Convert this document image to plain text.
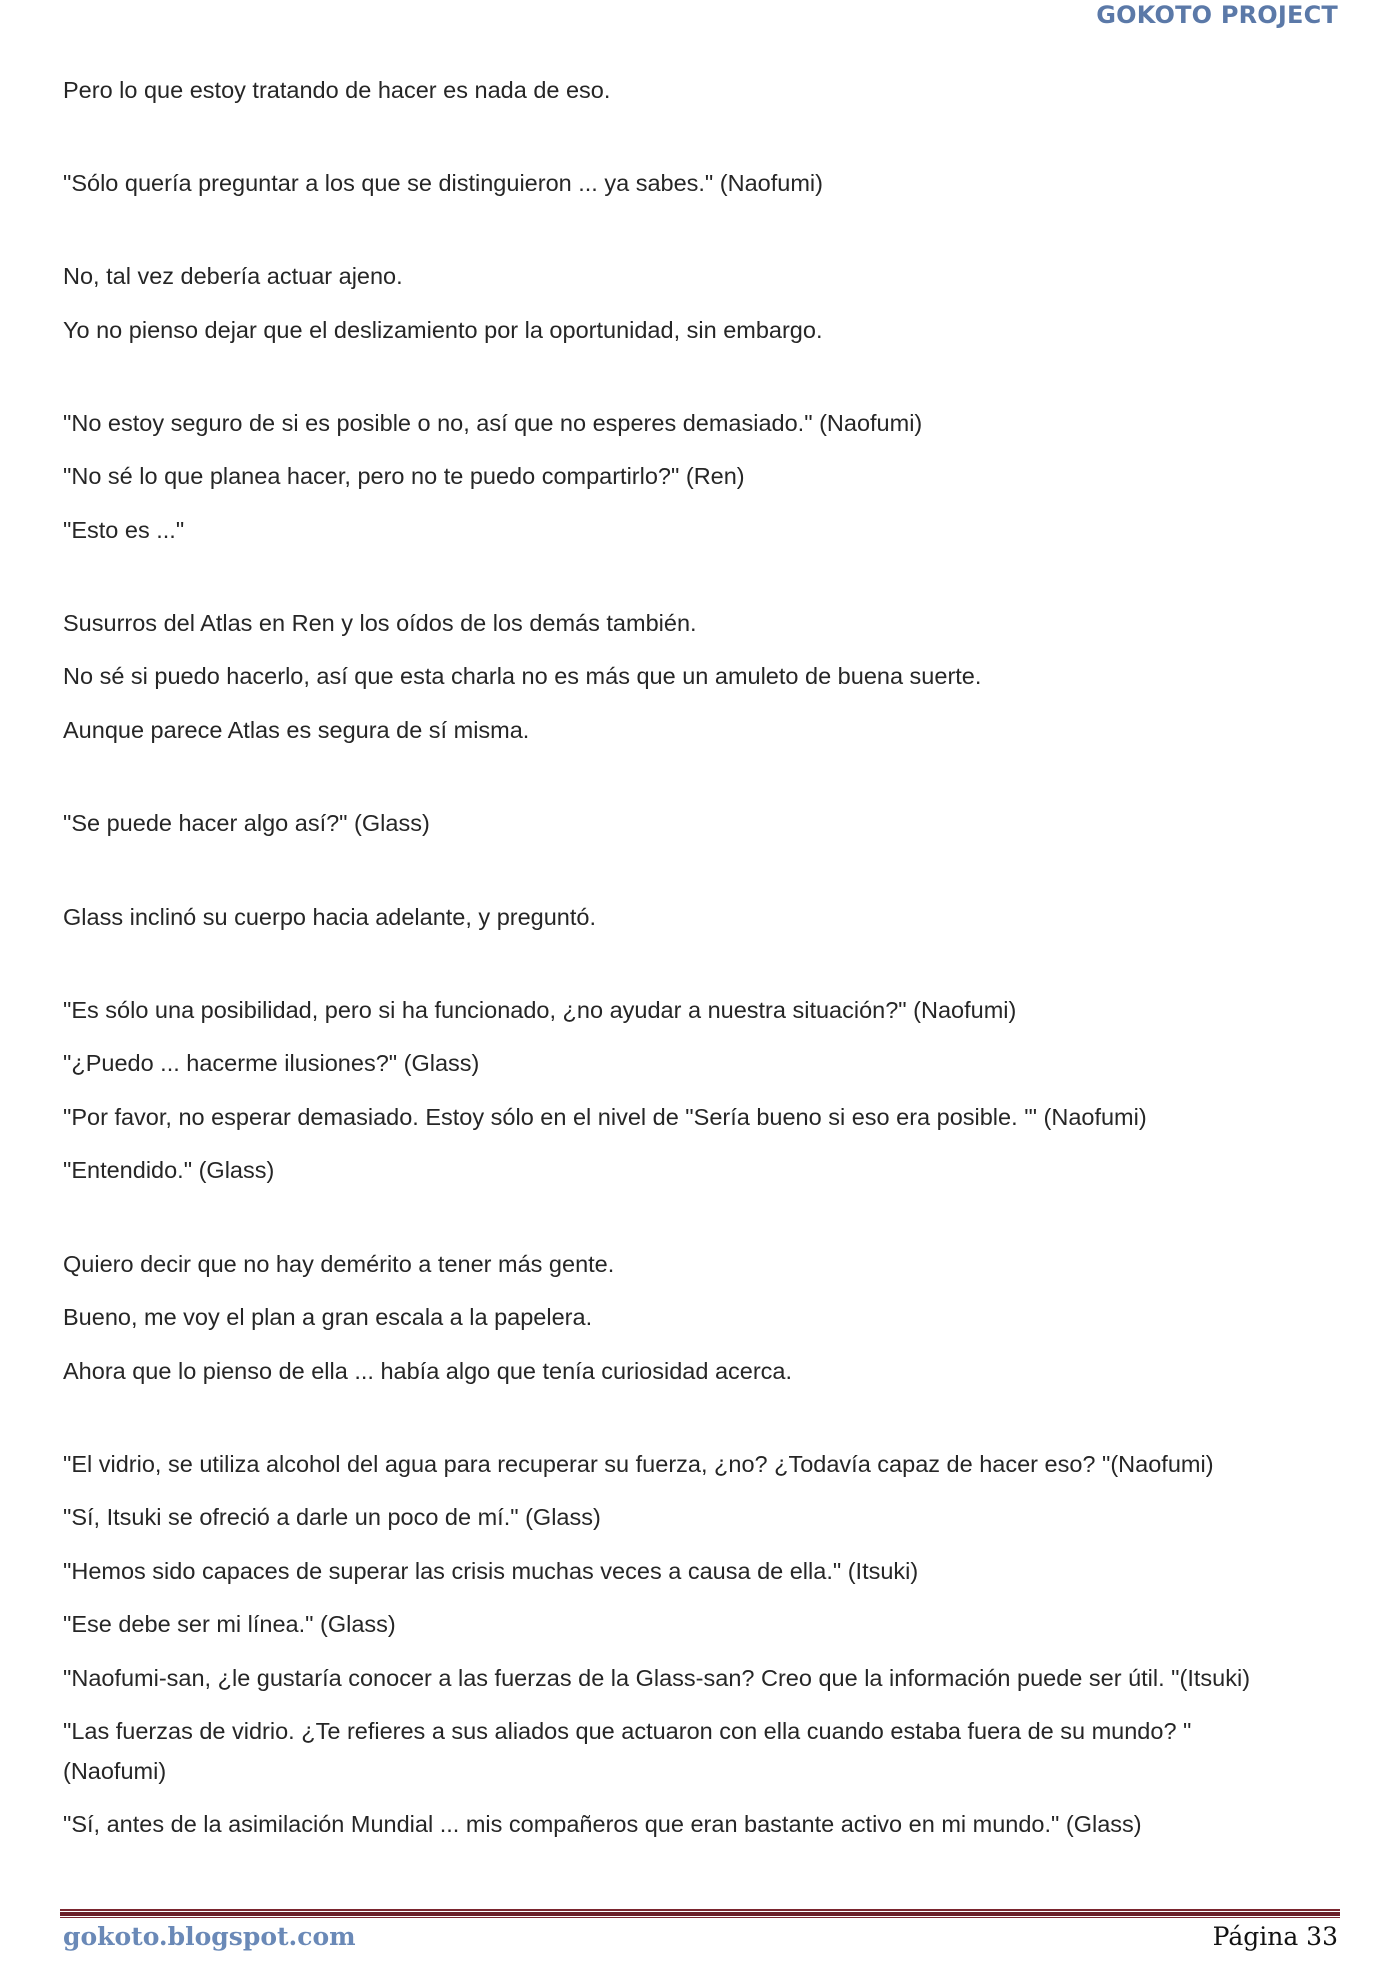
GOKOTO PROJECT
Pero lo que estoy tratando de hacer es nada de eso.
"Sólo quería preguntar a los que se distinguieron ... ya sabes." (Naofumi)
No, tal vez debería actuar ajeno.
Yo no pienso dejar que el deslizamiento por la oportunidad, sin embargo.
"No estoy seguro de si es posible o no, así que no esperes demasiado." (Naofumi)
"No sé lo que planea hacer, pero no te puedo compartirlo?" (Ren)
"Esto es ..."
Susurros del Atlas en Ren y los oídos de los demás también.
No sé si puedo hacerlo, así que esta charla no es más que un amuleto de buena suerte.
Aunque parece Atlas es segura de sí misma.
"Se puede hacer algo así?" (Glass)
Glass inclinó su cuerpo hacia adelante, y preguntó.
"Es sólo una posibilidad, pero si ha funcionado, ¿no ayudar a nuestra situación?" (Naofumi)
"¿Puedo ... hacerme ilusiones?" (Glass)
"Por favor, no esperar demasiado. Estoy sólo en el nivel de "Sería bueno si eso era posible. '" (Naofumi)
"Entendido." (Glass)
Quiero decir que no hay demérito a tener más gente.
Bueno, me voy el plan a gran escala a la papelera.
Ahora que lo pienso de ella ... había algo que tenía curiosidad acerca.
"El vidrio, se utiliza alcohol del agua para recuperar su fuerza, ¿no? ¿Todavía capaz de hacer eso? "(Naofumi)
"Sí, Itsuki se ofreció a darle un poco de mí." (Glass)
"Hemos sido capaces de superar las crisis muchas veces a causa de ella." (Itsuki)
"Ese debe ser mi línea." (Glass)
"Naofumi-san, ¿le gustaría conocer a las fuerzas de la Glass-san? Creo que la información puede ser útil. "(Itsuki)
"Las fuerzas de vidrio. ¿Te refieres a sus aliados que actuaron con ella cuando estaba fuera de su mundo? "(Naofumi)
"Sí, antes de la asimilación Mundial ... mis compañeros que eran bastante activo en mi mundo." (Glass)
gokoto.blogspot.com	Página 33
